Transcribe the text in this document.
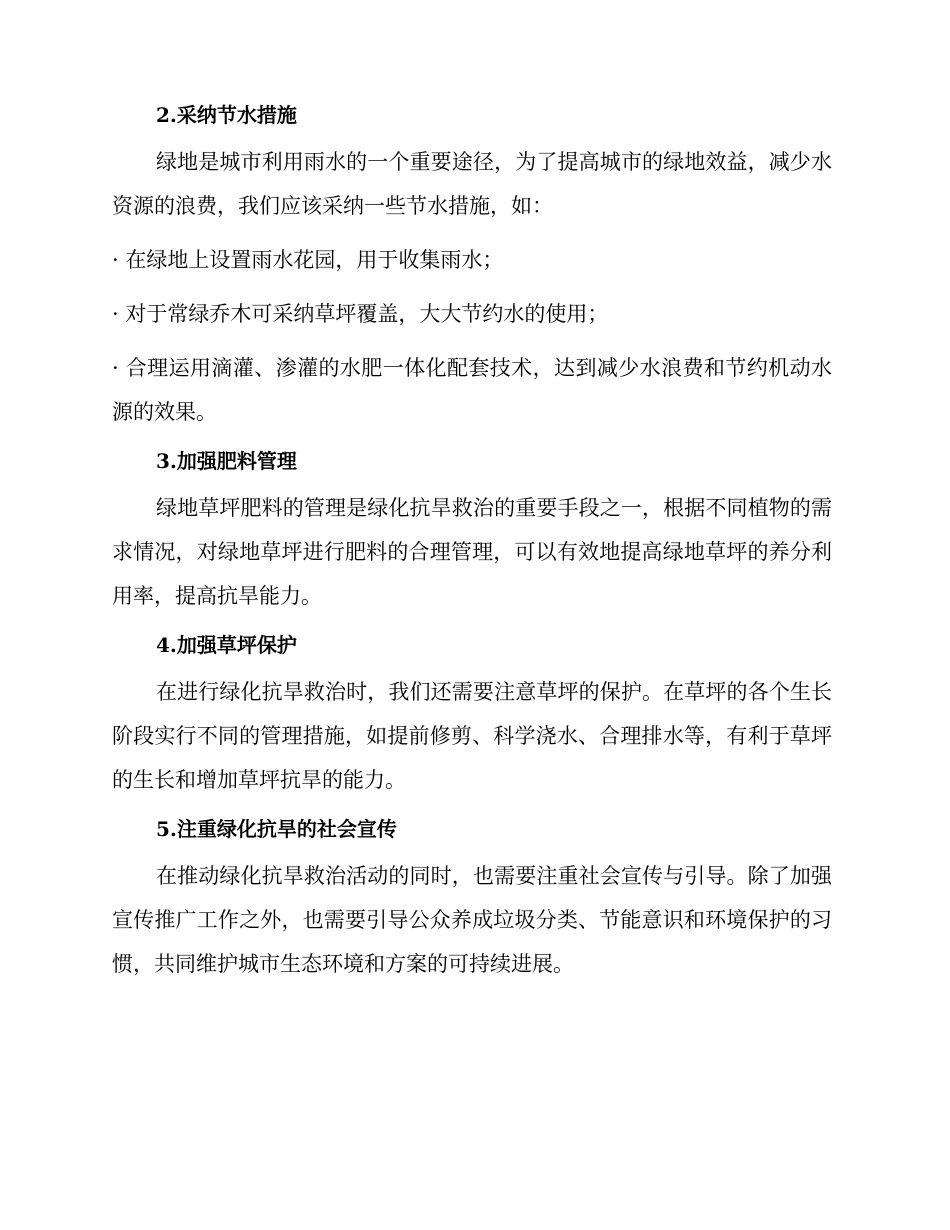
2.采纳节水措施

绿地是城市利用雨水的一个重要途径，为了提高城市的绿地效益，减少水资源的浪费，我们应该采纳一些节水措施，如：

· 在绿地上设置雨水花园，用于收集雨水；

· 对于常绿乔木可采纳草坪覆盖，大大节约水的使用；

· 合理运用滴灌、渗灌的水肥一体化配套技术，达到减少水浪费和节约机动水源的效果。

3.加强肥料管理

绿地草坪肥料的管理是绿化抗旱救治的重要手段之一，根据不同植物的需求情况，对绿地草坪进行肥料的合理管理，可以有效地提高绿地草坪的养分利用率，提高抗旱能力。

4.加强草坪保护

在进行绿化抗旱救治时，我们还需要注意草坪的保护。在草坪的各个生长阶段实行不同的管理措施，如提前修剪、科学浇水、合理排水等，有利于草坪的生长和增加草坪抗旱的能力。

5.注重绿化抗旱的社会宣传

在推动绿化抗旱救治活动的同时，也需要注重社会宣传与引导。除了加强宣传推广工作之外，也需要引导公众养成垃圾分类、节能意识和环境保护的习惯，共同维护城市生态环境和方案的可持续进展。
